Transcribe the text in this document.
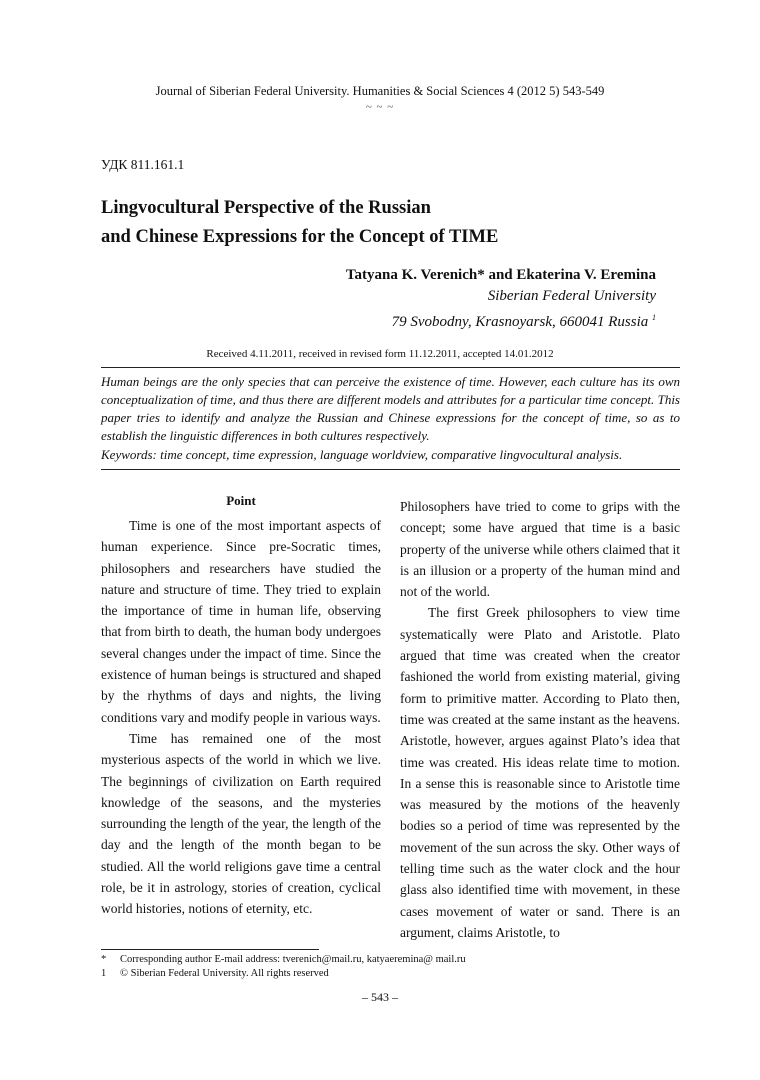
Journal of Siberian Federal University. Humanities & Social Sciences 4 (2012 5) 543-549
~ ~ ~
УДК 811.161.1
Lingvocultural Perspective of the Russian
and Chinese Expressions for the Concept of TIME
Tatyana K. Verenich* and Ekaterina V. Eremina
Siberian Federal University
79 Svobodny, Krasnoyarsk, 660041 Russia $^1$
Received 4.11.2011, received in revised form 11.12.2011, accepted 14.01.2012
Human beings are the only species that can perceive the existence of time. However, each culture has its own conceptualization of time, and thus there are different models and attributes for a particular time concept. This paper tries to identify and analyze the Russian and Chinese expressions for the concept of time, so as to establish the linguistic differences in both cultures respectively.
Keywords: time concept, time expression, language worldview, comparative lingvocultural analysis.
Point

Time is one of the most important aspects of human experience. Since pre-Socratic times, philosophers and researchers have studied the nature and structure of time. They tried to explain the importance of time in human life, observing that from birth to death, the human body undergoes several changes under the impact of time. Since the existence of human beings is structured and shaped by the rhythms of days and nights, the living conditions vary and modify people in various ways.

Time has remained one of the most mysterious aspects of the world in which we live. The beginnings of civilization on Earth required knowledge of the seasons, and the mysteries surrounding the length of the year, the length of the day and the length of the month began to be studied. All the world religions gave time a central role, be it in astrology, stories of creation, cyclical world histories, notions of eternity, etc.

Philosophers have tried to come to grips with the concept; some have argued that time is a basic property of the universe while others claimed that it is an illusion or a property of the human mind and not of the world.

The first Greek philosophers to view time systematically were Plato and Aristotle. Plato argued that time was created when the creator fashioned the world from existing material, giving form to primitive matter. According to Plato then, time was created at the same instant as the heavens. Aristotle, however, argues against Plato’s idea that time was created. His ideas relate time to motion. In a sense this is reasonable since to Aristotle time was measured by the motions of the heavenly bodies so a period of time was represented by the movement of the sun across the sky. Other ways of telling time such as the water clock and the hour glass also identified time with movement, in these cases movement of water or sand. There is an argument, claims Aristotle, to

*	Corresponding author E-mail address: tverenich@mail.ru, katyaeremina@ mail.ru
1	© Siberian Federal University. All rights reserved
– 543 –
